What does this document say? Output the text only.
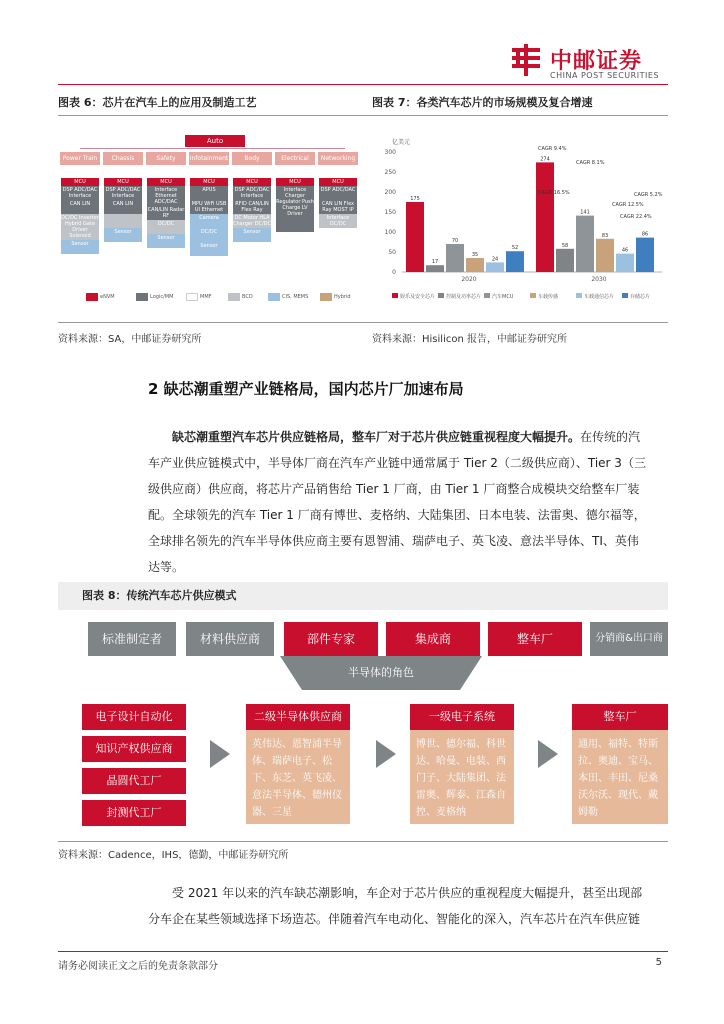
中邮证券
CHINA POST SECURITIES
图表 6：芯片在汽车上的应用及制造工艺	图表 7：各类汽车芯片的市场规模及复合增速
Auto
Power Train	Chassis	Safety	Infotainment	Body	Electrical System
Networking
MCU
DSP ADC/DAC Interface
CAN LIN
DC/DC Inverter Hybrid Gate Driver Solenoid
Sensor
MCU
DSP ADC/DAC Interface
CAN LIN
Sensor
MCU
Interface Ethernet ADC/DAC
CAN/LIN Radar RF
DC/DC
Sensor
MCU
APUS
MPU WiFi USB UI Ethernet
Camera
DC/DC
Sensor
MCU
DSP ADC/DAC Interface
RFID CAN/LIN Flex Ray
DC Motor HLA Charger DC/DC
Sensor
MCU
Interface Charger Regulator Push Charge LV Driver
MCU
DSP ADC/DAC
CAN LIN Flex Ray MOST IP
Interface DC/DC
eNVM	Logic/MM	MMF	BCD	CIS, MEMS	Hybrid
亿美元
0
50
100
150
200
250
300
175
17
70
35
24
52
2020
274
58
141
83
46
86
2030
CAGR 9.4%
CAGR 16.5%
CAGR 12.5%
CAGR 8.1%
CAGR 22.4%
CAGR 5.2%
娱乐及安全芯片 控制及功率芯片 汽车MCU	车载传感	车载通信芯片	存储芯片
资料来源：SA，中邮证券研究所	资料来源：Hisilicon 报告，中邮证券研究所
2 缺芯潮重塑产业链格局，国内芯片厂加速布局
缺芯潮重塑汽车芯片供应链格局，整车厂对于芯片供应链重视程度大幅提升。在传统的汽
车产业供应链模式中，半导体厂商在汽车产业链中通常属于 Tier 2（二级供应商）、Tier 3（三
级供应商）供应商，将芯片产品销售给 Tier 1 厂商，由 Tier 1 厂商整合成模块交给整车厂装
配。全球领先的汽车 Tier 1 厂商有博世、麦格纳、大陆集团、日本电装、法雷奥、德尔福等，
全球排名领先的汽车半导体供应商主要有恩智浦、瑞萨电子、英飞凌、意法半导体、TI、英伟
达等。
图表 8：传统汽车芯片供应模式
标准制定者	材料供应商	部件专家	集成商	整车厂	分销商&出口商
半导体的角色
电子设计自动化
知识产权供应商
晶圆代工厂
封测代工厂
二级半导体供应商
英伟达、恩智浦半导体、瑞萨电子、松下、东芝、英飞凌、意法半导体、德州仪器、三星
一级电子系统
博世、德尔福、科世达、哈曼、电装、西门子、大陆集团、法雷奥、辉泰、江森自控、麦格纳
整车厂
通用、福特、特斯拉、奥迪、宝马、本田、丰田、尼桑沃尔沃、现代、戴姆勒
资料来源：Cadence，IHS，德勤，中邮证券研究所
受 2021 年以来的汽车缺芯潮影响，车企对于芯片供应的重视程度大幅提升，甚至出现部
分车企在某些领域选择下场造芯。伴随着汽车电动化、智能化的深入，汽车芯片在汽车供应链
请务必阅读正文之后的免责条款部分	5
